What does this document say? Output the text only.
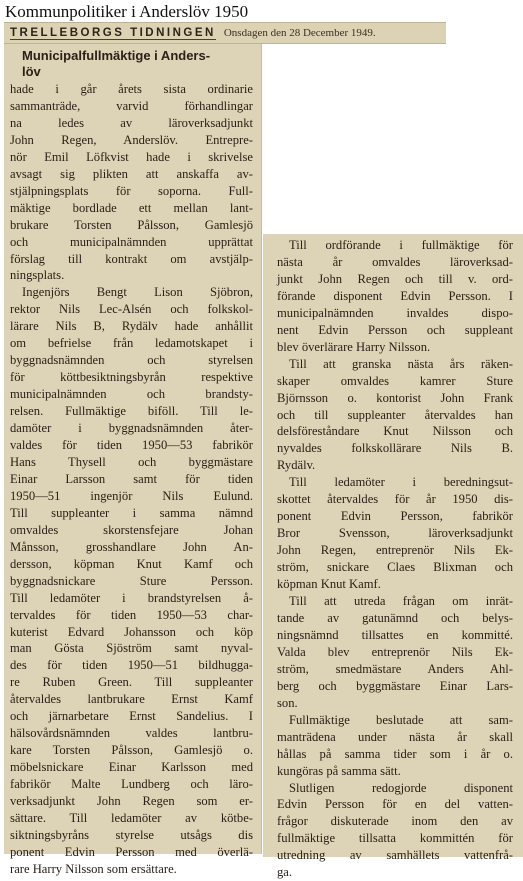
Kommunpolitiker i Anderslöv 1950
TRELLEBORGS TIDNINGEN Onsdagen den 28 December 1949.
Municipalfullmäktige i Anders-
löv
hade i går årets sista ordinarie
sammanträde, varvid förhandlingar
na ledes av läroverksadjunkt
John Regen, Anderslöv. Entrepre-
nör Emil Löfkvist hade i skrivelse
avsagt sig plikten att anskaffa av-
stjälpningsplats för soporna. Full-
mäktige bordlade ett mellan lant-
brukare Torsten Pålsson, Gamlesjö
och municipalnämnden upprättat
förslag till kontrakt om avstjälp-
ningsplats.
Ingenjörs Bengt Lison Sjöbron,
rektor Nils Lec-Alsén och folkskol-
lärare Nils B, Rydälv hade anhållit
om befrielse från ledamotskapet i
byggnadsnämnden och styrelsen
för köttbesiktningsbyrån respektive
municipalnämnden och brandsty-
relsen. Fullmäktige biföll. Till le-
damöter i byggnadsnämnden åter-
valdes för tiden 1950—53 fabrikör
Hans Thysell och byggmästare
Einar Larsson samt för tiden
1950—51 ingenjör Nils Eulund.
Till suppleanter i samma nämnd
omvaldes skorstensfejare Johan
Månsson, grosshandlare John An-
dersson, köpman Knut Kamf och
byggnadsnickare Sture Persson.
Till ledamöter i brandstyrelsen å-
tervaldes för tiden 1950—53 char-
kuterist Edvard Johansson och köp
man Gösta Sjöström samt nyval-
des för tiden 1950—51 bildhugga-
re Ruben Green. Till suppleanter
återvaldes lantbrukare Ernst Kamf
och järnarbetare Ernst Sandelius. I
hälsovårdsnämnden valdes lantbru-
kare Torsten Pålsson, Gamlesjö o.
möbelsnickare Einar Karlsson med
fabrikör Malte Lundberg och läro-
verksadjunkt John Regen som er-
sättare. Till ledamöter av kötbe-
siktningsbyråns styrelse utsågs dis
ponent Edvin Persson med överlä-
rare Harry Nilsson som ersättare.
Till ordförande i fullmäktige för
nästa år omvaldes läroverksad-
junkt John Regen och till v. ord-
förande disponent Edvin Persson. I
municipalnämnden invaldes dispo-
nent Edvin Persson och suppleant
blev överlärare Harry Nilsson.
Till att granska nästa års räken-
skaper omvaldes kamrer Sture
Björnsson o. kontorist John Frank
och till suppleanter återvaldes han
delsföreståndare Knut Nilsson och
nyvaldes folkskollärare Nils B.
Rydälv.
Till ledamöter i beredningsut-
skottet återvaldes för år 1950 dis-
ponent Edvin Persson, fabrikör
Bror Svensson, läroverksadjunkt
John Regen, entreprenör Nils Ek-
ström, snickare Claes Blixman och
köpman Knut Kamf.
Till att utreda frågan om inrät-
tande av gatunämnd och belys-
ningsnämnd tillsattes en kommitté.
Valda blev entreprenör Nils Ek-
ström, smedmästare Anders Ahl-
berg och byggmästare Einar Lars-
son.
Fullmäktige beslutade att sam-
manträdena under nästa år skall
hållas på samma tider som i år o.
kungöras på samma sätt.
Slutligen redogjorde disponent
Edvin Persson för en del vatten-
frågor diskuterade inom den av
fullmäktige tillsatta kommittén för
utredning av samhällets vattenfrå-
ga.
